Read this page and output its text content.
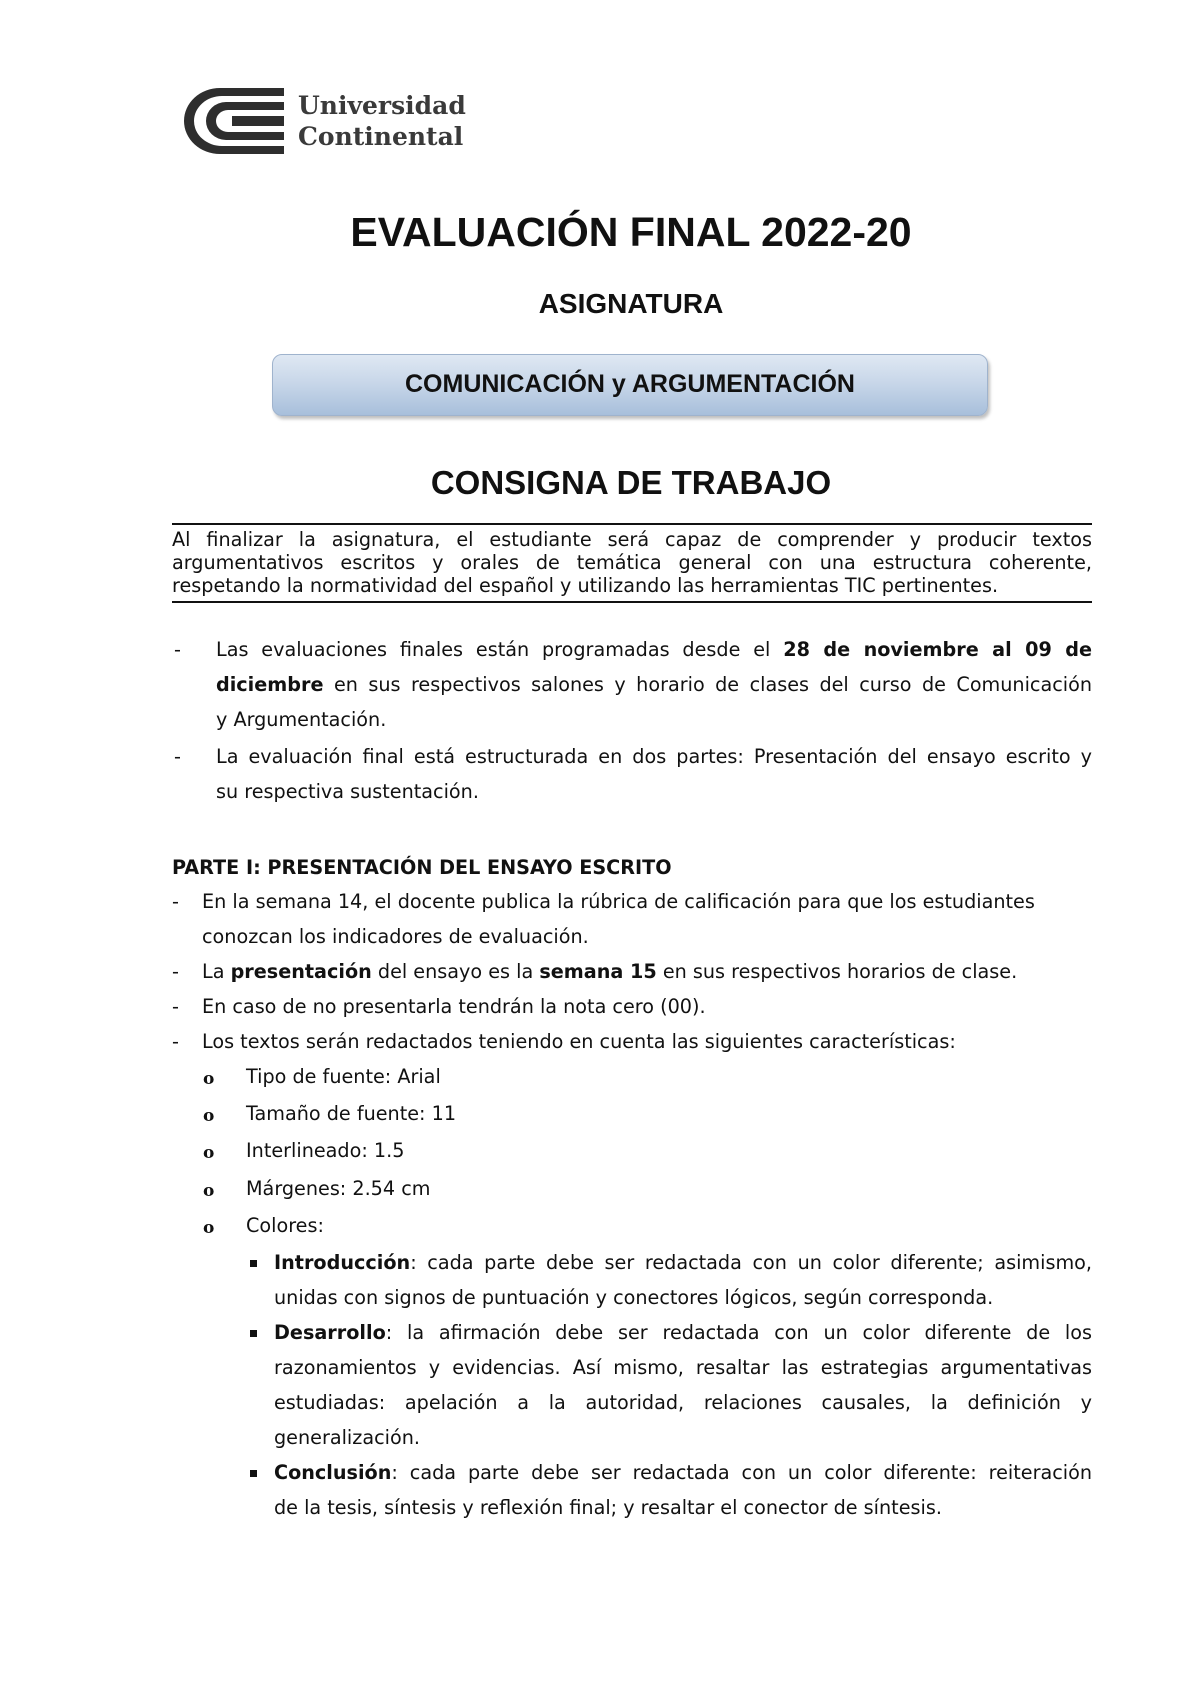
Universidad
Continental
EVALUACIÓN FINAL 2022-20
ASIGNATURA
COMUNICACIÓN y ARGUMENTACIÓN
CONSIGNA DE TRABAJO
Al finalizar la asignatura, el estudiante será capaz de comprender y producir textos
argumentativos escritos y orales de temática general con una estructura coherente,
respetando la normatividad del español y utilizando las herramientas TIC pertinentes.
- Las evaluaciones finales están programadas desde el 28 de noviembre al 09 de
diciembre en sus respectivos salones y horario de clases del curso de Comunicación
y Argumentación.
- La evaluación final está estructurada en dos partes: Presentación del ensayo escrito y
su respectiva sustentación.
PARTE I: PRESENTACIÓN DEL ENSAYO ESCRITO
- En la semana 14, el docente publica la rúbrica de calificación para que los estudiantes
conozcan los indicadores de evaluación.
- La presentación del ensayo es la semana 15 en sus respectivos horarios de clase.
- En caso de no presentarla tendrán la nota cero (00).
- Los textos serán redactados teniendo en cuenta las siguientes características:
o Tipo de fuente: Arial
o Tamaño de fuente: 11
o Interlineado: 1.5
o Márgenes: 2.54 cm
o Colores:
Introducción: cada parte debe ser redactada con un color diferente; asimismo,
unidas con signos de puntuación y conectores lógicos, según corresponda.
Desarrollo: la afirmación debe ser redactada con un color diferente de los
razonamientos y evidencias. Así mismo, resaltar las estrategias argumentativas
estudiadas: apelación a la autoridad, relaciones causales, la definición y
generalización.
Conclusión: cada parte debe ser redactada con un color diferente: reiteración
de la tesis, síntesis y reflexión final; y resaltar el conector de síntesis.
